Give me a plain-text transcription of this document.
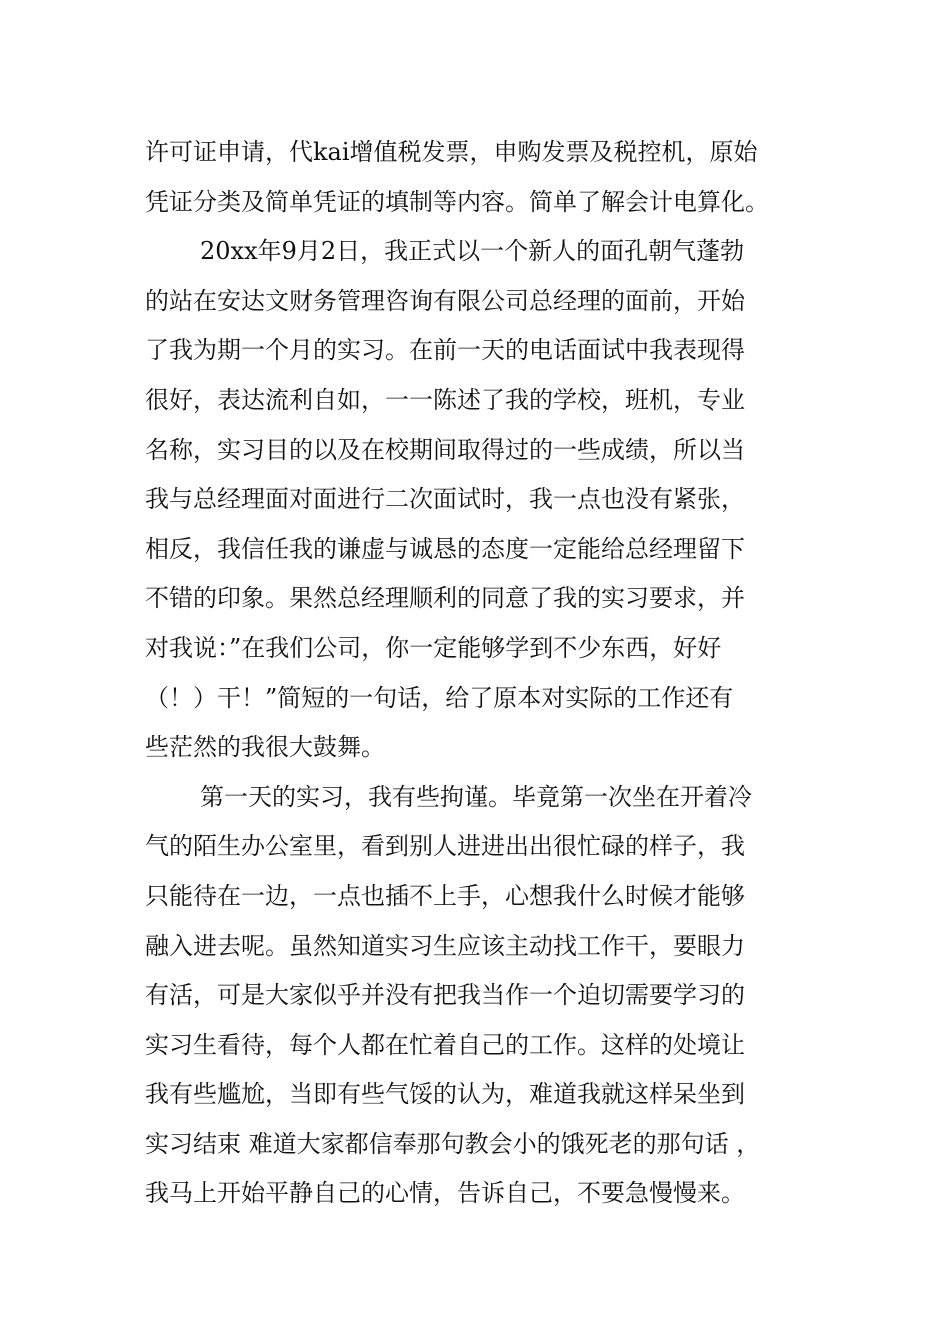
许可证申请，代kai增值税发票，申购发票及税控机，原始
凭证分类及简单凭证的填制等内容。简单了解会计电算化。
20xx年9月2日，我正式以一个新人的面孔朝气蓬勃
的站在安达文财务管理咨询有限公司总经理的面前，开始
了我为期一个月的实习。在前一天的电话面试中我表现得
很好，表达流利自如，一一陈述了我的学校，班机，专业
名称，实习目的以及在校期间取得过的一些成绩，所以当
我与总经理面对面进行二次面试时，我一点也没有紧张，
相反，我信任我的谦虚与诚恳的态度一定能给总经理留下
不错的印象。果然总经理顺利的同意了我的实习要求，并
对我说：”在我们公司，你一定能够学到不少东西，好好
（！）干！”简短的一句话，给了原本对实际的工作还有
些茫然的我很大鼓舞。
第一天的实习，我有些拘谨。毕竟第一次坐在开着冷
气的陌生办公室里，看到别人进进出出很忙碌的样子，我
只能待在一边，一点也插不上手，心想我什么时候才能够
融入进去呢。虽然知道实习生应该主动找工作干，要眼力
有活，可是大家似乎并没有把我当作一个迫切需要学习的
实习生看待，每个人都在忙着自己的工作。这样的处境让
我有些尴尬，当即有些气馁的认为，难道我就这样呆坐到
实习结束 难道大家都信奉那句教会小的饿死老的那句话 ，
我马上开始平静自己的心情，告诉自己，不要急慢慢来。
